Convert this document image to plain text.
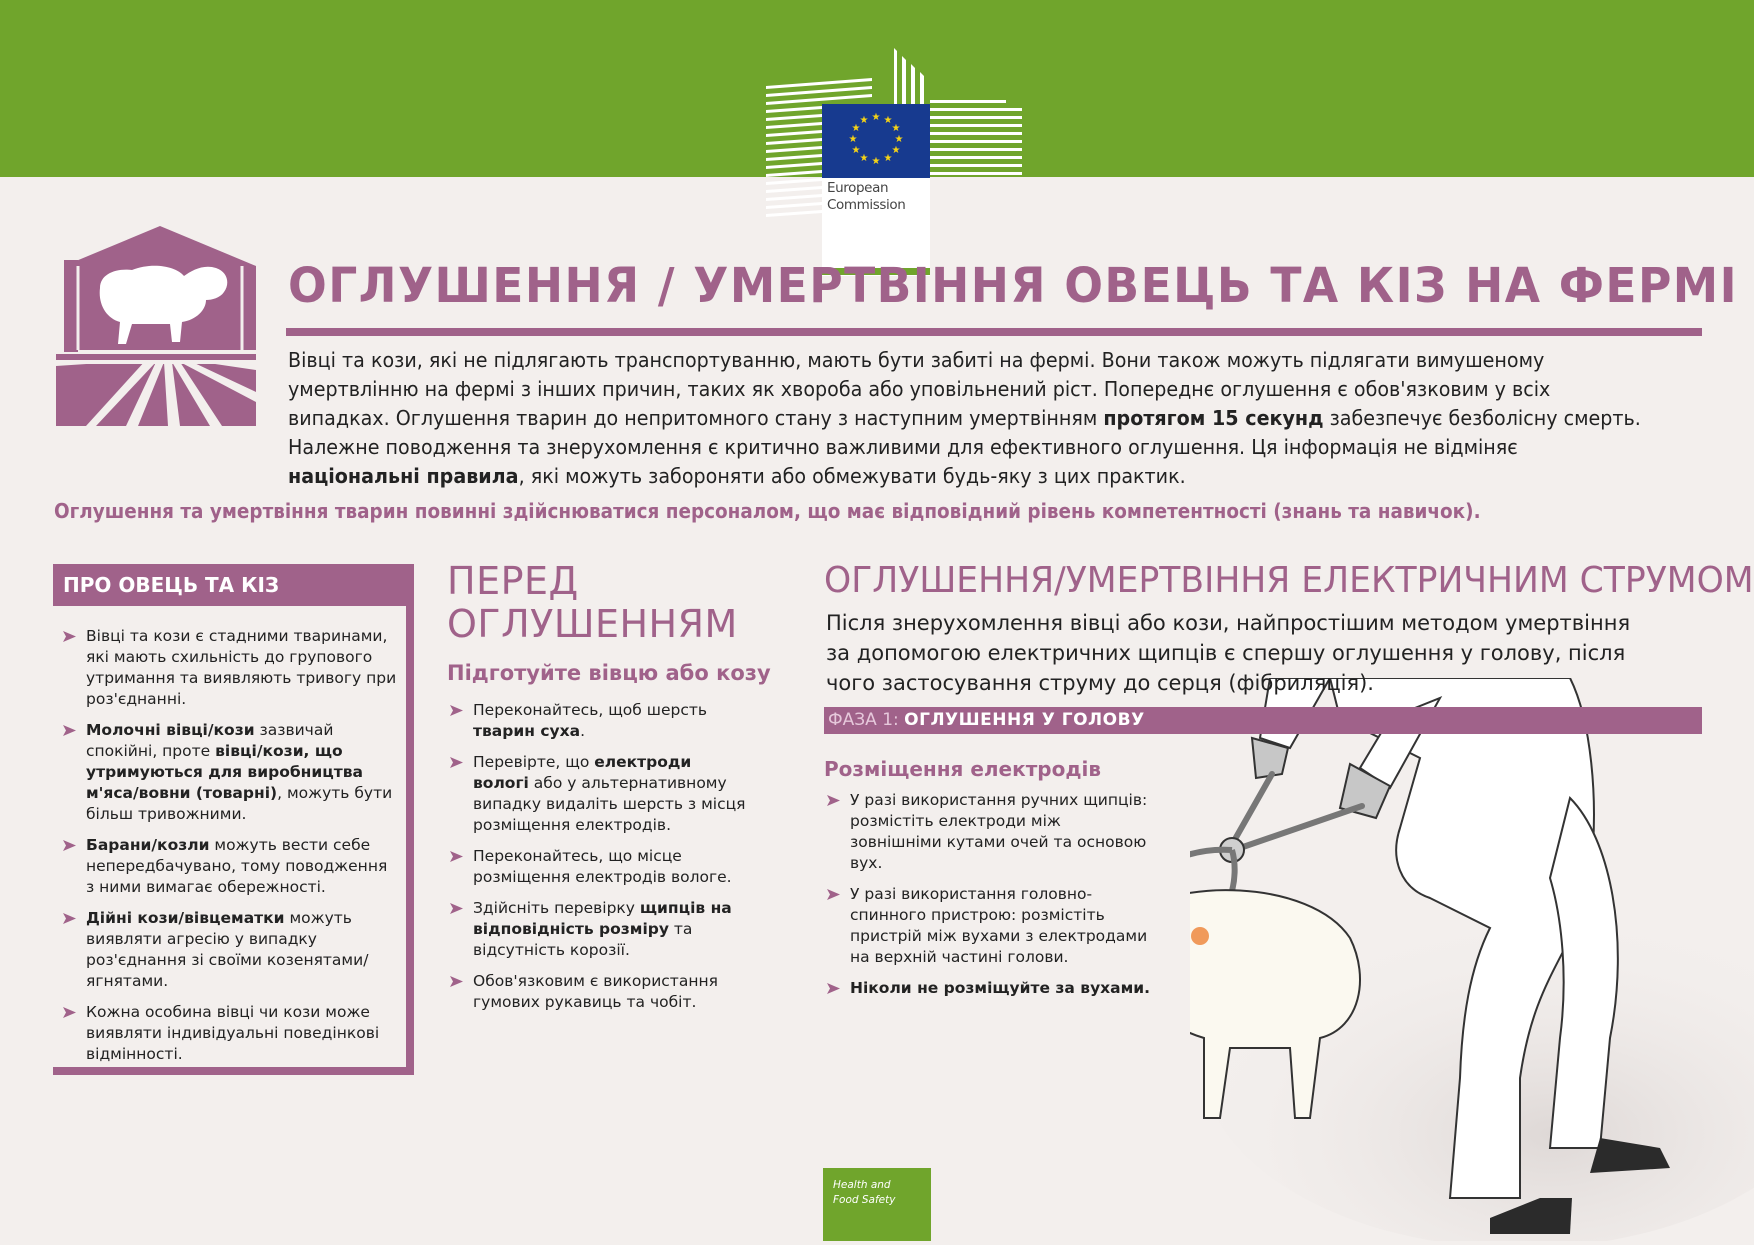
★ ★
★
★
★
★
★
★
★
★
★
★
European
Commission
ОГЛУШЕННЯ / УМЕРТВІННЯ ОВЕЦЬ ТА КІЗ НА ФЕРМІ

Вівці та кози, які не підлягають транспортуванню, мають бути забиті на фермі. Вони також можуть підлягати вимушеному умертвлінню на фермі з інших причин, таких як хвороба або уповільнений ріст. Попереднє оглушення є обов'язковим у всіх випадках. Оглушення тварин до непритомного стану з наступним умертвінням протягом 15 секунд забезпечує безболісну смерть. Належне поводження та знерухомлення є критично важливими для ефективного оглушення. Ця інформація не відміняє національні правила, які можуть забороняти або обмежувати будь-яку з цих практик.

Оглушення та умертвіння тварин повинні здійснюватися персоналом, що має відповідний рівень компетентності (знань та навичок).

ПРО ОВЕЦЬ ТА КІЗ
Вівці та кози є стадними тваринами, які мають схильність до групового утримання та виявляють тривогу при роз'єднанні.
Молочні вівці/кози зазвичай спокійні, проте вівці/кози, що утримуються для виробництва м'яса/вовни (товарні), можуть бути більш тривожними.
Барани/козли можуть вести себе непередбачувано, тому поводження з ними вимагає обережності.
Дійні кози/вівцематки можуть виявляти агресію у випадку роз'єднання зі своїми козенятами/ягнятами.
Кожна особина вівці чи кози може виявляти індивідуальні поведінкові відмінності.
ПЕРЕД
ОГЛУШЕННЯМ
Підготуйте вівцю або козу
Переконайтесь, щоб шерсть тварин суха.
Перевірте, що електроди вологі або у альтернативному випадку видаліть шерсть з місця розміщення електродів.
Переконайтесь, що місце розміщення електродів вологе.
Здійсніть перевірку щипців на відповідність розміру та відсутність корозії.
Обов'язковим є використання гумових рукавиць та чобіт.
ОГЛУШЕННЯ/УМЕРТВІННЯ ЕЛЕКТРИЧНИМ СТРУМОМ

Після знерухомлення вівці або кози, найпростішим методом умертвіння за допомогою електричних щипців є спершу оглушення у голову, після чого застосування струму до серця (фібриляція).

ФАЗА 1: ОГЛУШЕННЯ У ГОЛОВУ
Розміщення електродів
У разі використання ручних щипців: розмістіть електроди між зовнішніми кутами очей та основою вух.
У разі використання головно-спинного пристрою: розмістіть пристрій між вухами з електродами на верхній частині голови.
Ніколи не розміщуйте за вухами.
Health and
Food Safety
